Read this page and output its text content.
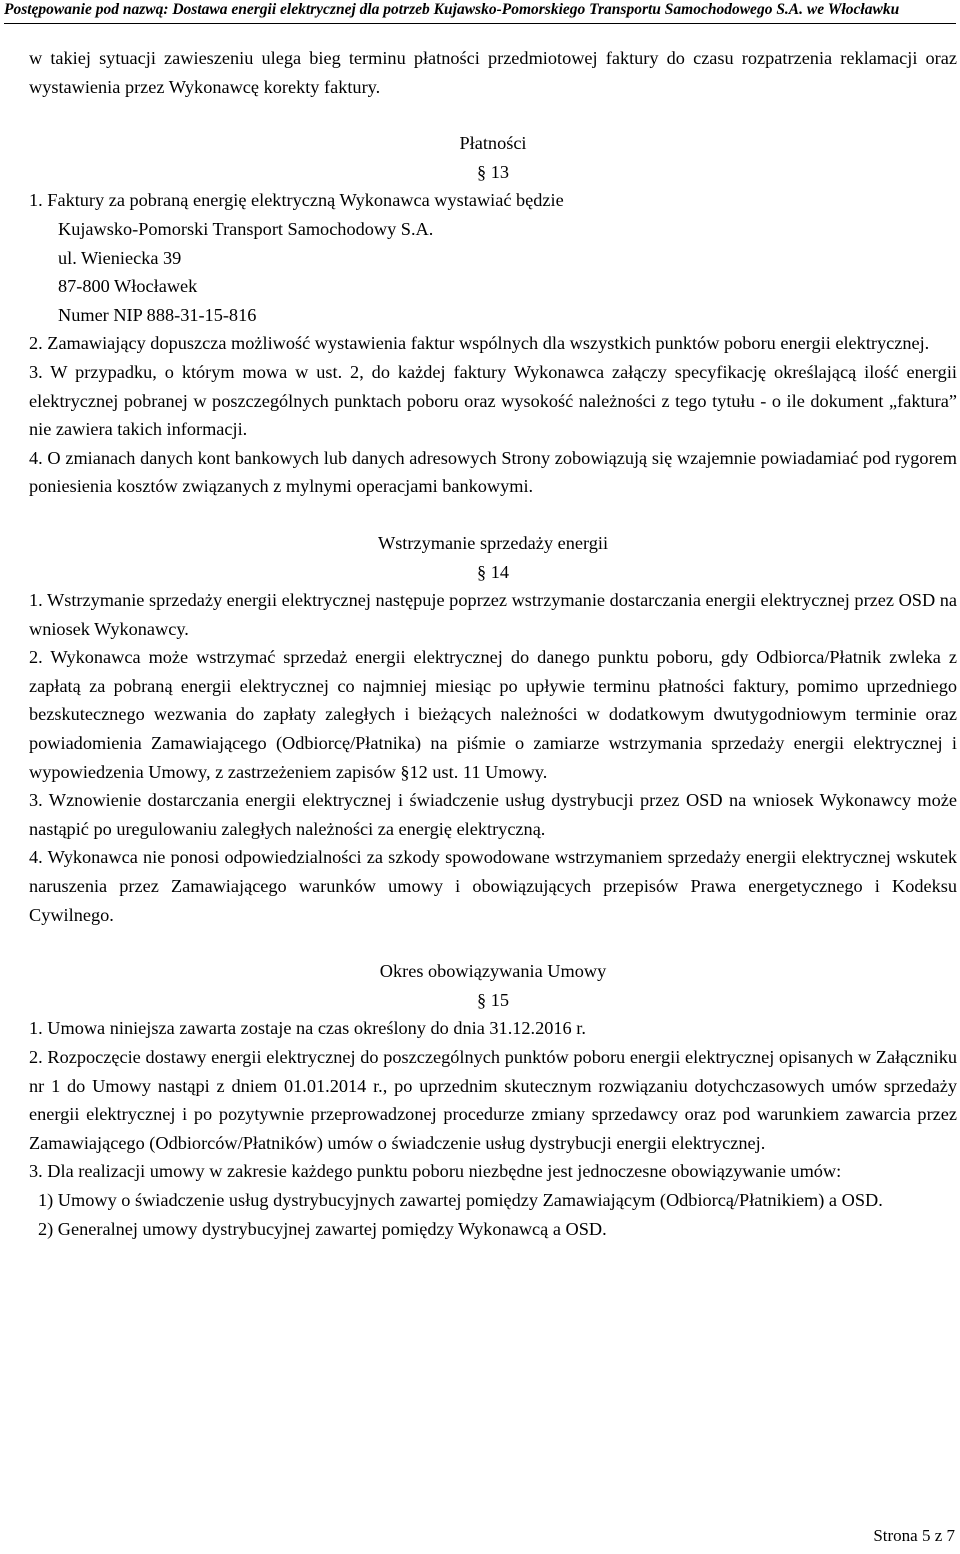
Postępowanie pod nazwą: Dostawa energii elektrycznej dla potrzeb Kujawsko-Pomorskiego Transportu Samochodowego S.A. we Włocławku

w takiej sytuacji zawieszeniu ulega bieg terminu płatności przedmiotowej faktury do czasu rozpatrzenia reklamacji oraz wystawienia przez Wykonawcę korekty faktury.

Płatności

§ 13

1. Faktury za pobraną energię elektryczną Wykonawca wystawiać będzie
Kujawsko-Pomorski Transport Samochodowy S.A.
ul. Wieniecka 39
87-800 Włocławek
Numer NIP 888-31-15-816

2. Zamawiający dopuszcza możliwość wystawienia faktur wspólnych dla wszystkich punktów poboru energii elektrycznej.

3. W przypadku, o którym mowa w ust. 2, do każdej faktury Wykonawca załączy specyfikację określającą ilość energii elektrycznej pobranej w poszczególnych punktach poboru oraz wysokość należności z tego tytułu - o ile dokument „faktura” nie zawiera takich informacji.

4. O zmianach danych kont bankowych lub danych adresowych Strony zobowiązują się wzajemnie powiadamiać pod rygorem poniesienia kosztów związanych z mylnymi operacjami bankowymi.

Wstrzymanie sprzedaży energii

§ 14

1. Wstrzymanie sprzedaży energii elektrycznej następuje poprzez wstrzymanie dostarczania energii elektrycznej przez OSD na wniosek Wykonawcy.

2. Wykonawca może wstrzymać sprzedaż energii elektrycznej do danego punktu poboru, gdy Odbiorca/Płatnik zwleka z zapłatą za pobraną energii elektrycznej co najmniej miesiąc po upływie terminu płatności faktury, pomimo uprzedniego bezskutecznego wezwania do zapłaty zaległych i bieżących należności w dodatkowym dwutygodniowym terminie oraz powiadomienia Zamawiającego (Odbiorcę/Płatnika) na piśmie o zamiarze wstrzymania sprzedaży energii elektrycznej i wypowiedzenia Umowy, z zastrzeżeniem zapisów §12 ust. 11 Umowy.

3. Wznowienie dostarczania energii elektrycznej i świadczenie usług dystrybucji przez OSD na wniosek Wykonawcy może nastąpić po uregulowaniu zaległych należności za energię elektryczną.

4. Wykonawca nie ponosi odpowiedzialności za szkody spowodowane wstrzymaniem sprzedaży energii elektrycznej wskutek naruszenia przez Zamawiającego warunków umowy i obowiązujących przepisów Prawa energetycznego i Kodeksu Cywilnego.

Okres obowiązywania Umowy

§ 15

1. Umowa niniejsza zawarta zostaje na czas określony do dnia 31.12.2016 r.

2. Rozpoczęcie dostawy energii elektrycznej do poszczególnych punktów poboru energii elektrycznej opisanych w Załączniku nr 1 do Umowy nastąpi z dniem 01.01.2014 r., po uprzednim skutecznym rozwiązaniu dotychczasowych umów sprzedaży energii elektrycznej i po pozytywnie przeprowadzonej procedurze zmiany sprzedawcy oraz pod warunkiem zawarcia przez Zamawiającego (Odbiorców/Płatników) umów o świadczenie usług dystrybucji energii elektrycznej.

3. Dla realizacji umowy w zakresie każdego punktu poboru niezbędne jest jednoczesne obowiązywanie umów:

1) Umowy o świadczenie usług dystrybucyjnych zawartej pomiędzy Zamawiającym (Odbiorcą/Płatnikiem) a OSD.

2) Generalnej umowy dystrybucyjnej zawartej pomiędzy Wykonawcą a OSD.

Strona 5 z 7
